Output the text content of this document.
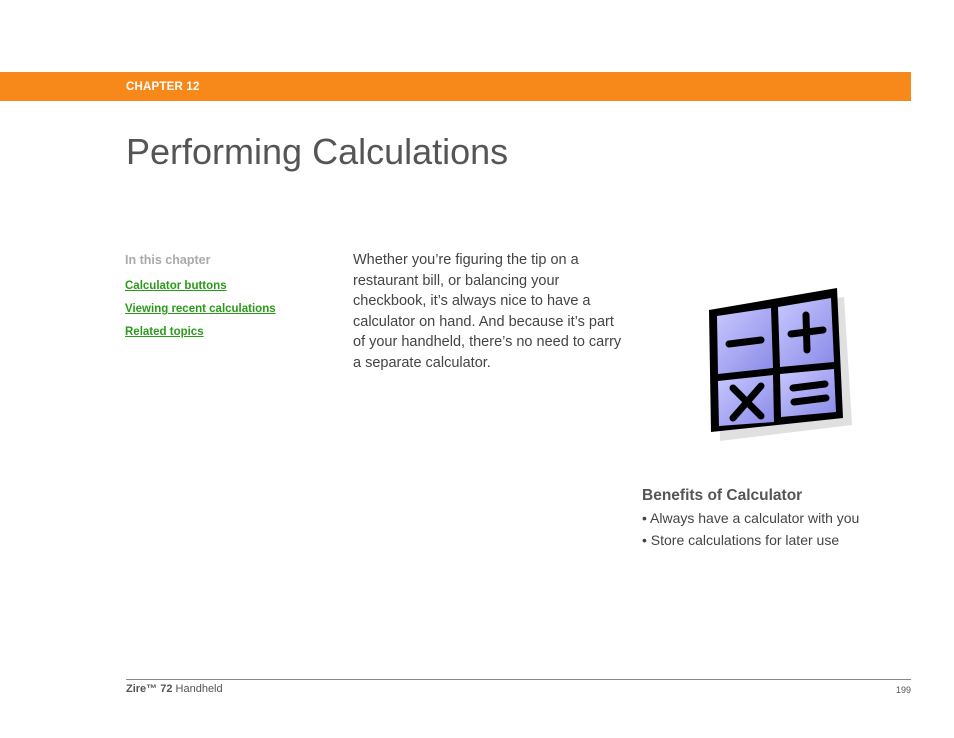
CHAPTER 12
Performing Calculations
In this chapter
Calculator buttons
Viewing recent calculations
Related topics

Whether you’re figuring the tip on a restaurant bill, or balancing your checkbook, it’s always nice to have a calculator on hand. And because it’s part of your handheld, there’s no need to carry a separate calculator.

Benefits of Calculator
• Always have a calculator with you
• Store calculations for later use
Zire™ 72 Handheld	199
